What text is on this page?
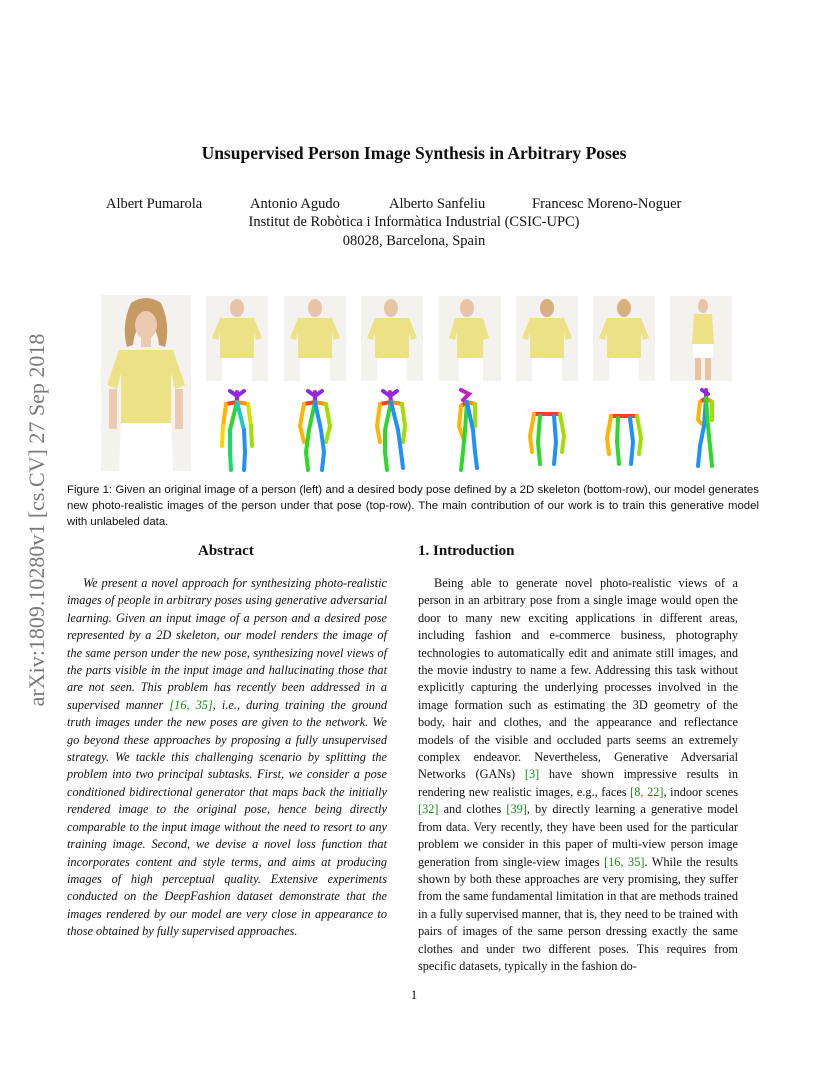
arXiv:1809.10280v1 [cs.CV] 27 Sep 2018
Unsupervised Person Image Synthesis in Arbitrary Poses
Albert Pumarola	Antonio Agudo	Alberto Sanfeliu	Francesc Moreno-Noguer
Institut de Robòtica i Informàtica Industrial (CSIC-UPC)
08028, Barcelona, Spain
Figure 1: Given an original image of a person (left) and a desired body pose defined by a 2D skeleton (bottom-row), our model generates new photo-realistic images of the person under that pose (top-row). The main contribution of our work is to train this generative model with unlabeled data.
Abstract

We present a novel approach for synthesizing photo-realistic images of people in arbitrary poses using generative adversarial learning. Given an input image of a person and a desired pose represented by a 2D skeleton, our model renders the image of the same person under the new pose, synthesizing novel views of the parts visible in the input image and hallucinating those that are not seen. This problem has recently been addressed in a supervised manner [16, 35], i.e., during training the ground truth images under the new poses are given to the network. We go beyond these approaches by proposing a fully unsupervised strategy. We tackle this challenging scenario by splitting the problem into two principal subtasks. First, we consider a pose conditioned bidirectional generator that maps back the initially rendered image to the original pose, hence being directly comparable to the input image without the need to resort to any training image. Second, we devise a novel loss function that incorporates content and style terms, and aims at producing images of high perceptual quality. Extensive experiments conducted on the DeepFashion dataset demonstrate that the images rendered by our model are very close in appearance to those obtained by fully supervised approaches.

1. Introduction

Being able to generate novel photo-realistic views of a person in an arbitrary pose from a single image would open the door to many new exciting applications in different areas, including fashion and e-commerce business, photography technologies to automatically edit and animate still images, and the movie industry to name a few. Addressing this task without explicitly capturing the underlying processes involved in the image formation such as estimating the 3D geometry of the body, hair and clothes, and the appearance and reflectance models of the visible and occluded parts seems an extremely complex endeavor. Nevertheless, Generative Adversarial Networks (GANs) [3] have shown impressive results in rendering new realistic images, e.g., faces [8, 22], indoor scenes [32] and clothes [39], by directly learning a generative model from data. Very recently, they have been used for the particular problem we consider in this paper of multi-view person image generation from single-view images [16, 35]. While the results shown by both these approaches are very promising, they suffer from the same fundamental limitation in that are methods trained in a fully supervised manner, that is, they need to be trained with pairs of images of the same person dressing exactly the same clothes and under two different poses. This requires from specific datasets, typically in the fashion do-

1
